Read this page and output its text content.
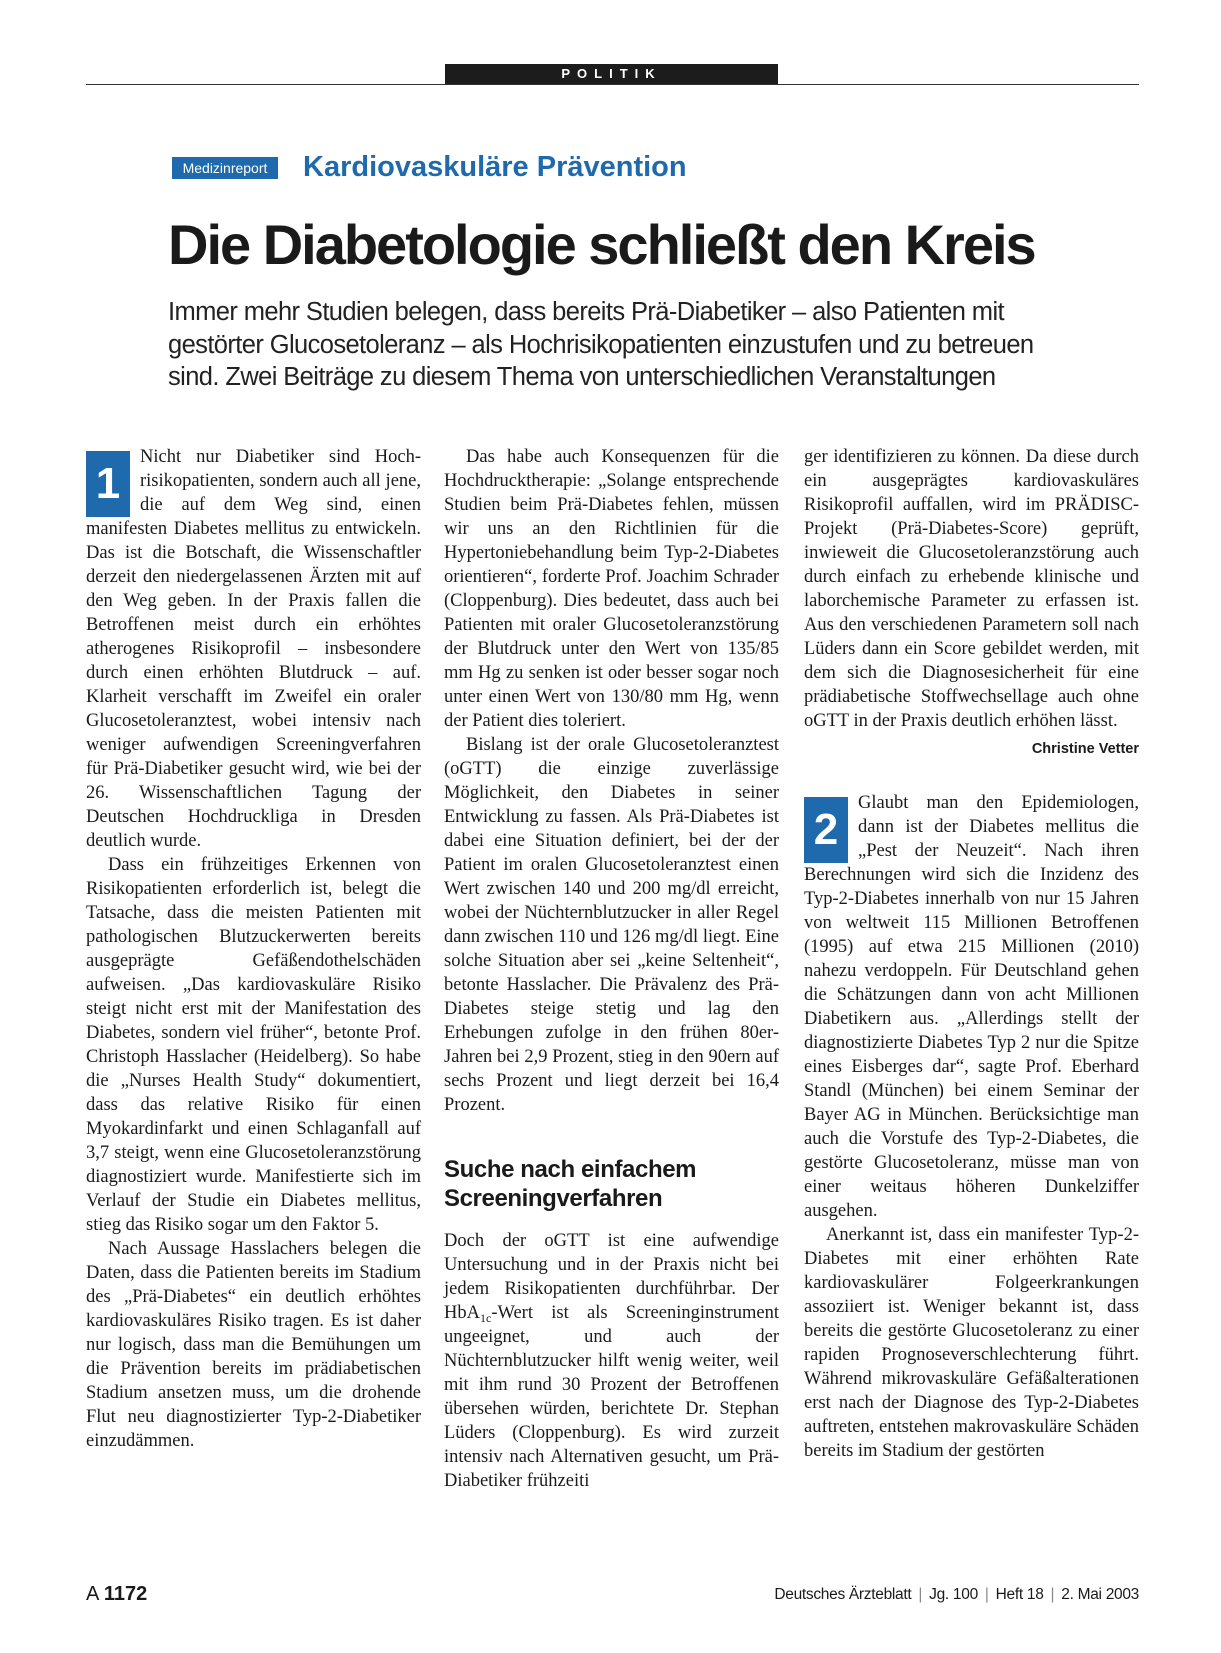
POLITIK
Medizinreport	Kardiovaskuläre Prävention
Die Diabetologie schließt den Kreis
Immer mehr Studien belegen, dass bereits Prä-Diabetiker – also Patienten mit gestörter Glucosetoleranz – als Hochrisikopatienten einzustufen und zu betreuen sind. Zwei Beiträge zu diesem Thema von unterschiedlichen Veranstaltungen
1

Nicht nur Diabetiker sind Hochrisikopatienten, sondern auch all jene, die auf dem Weg sind, einen manifesten Diabetes mellitus zu entwickeln. Das ist die Botschaft, die Wissenschaftler derzeit den niedergelassenen Ärzten mit auf den Weg geben. In der Praxis fallen die Betroffenen meist durch ein erhöhtes atherogenes Risikoprofil – insbesondere durch einen erhöhten Blutdruck – auf. Klarheit verschafft im Zweifel ein oraler Glucosetoleranztest, wobei intensiv nach weniger aufwendigen Screeningverfahren für Prä-Diabetiker gesucht wird, wie bei der 26. Wissenschaftlichen Tagung der Deutschen Hochdruckliga in Dresden deutlich wurde.

Dass ein frühzeitiges Erkennen von Risikopatienten erforderlich ist, belegt die Tatsache, dass die meisten Patienten mit pathologischen Blutzuckerwerten bereits ausgeprägte Gefäßendothelschäden aufweisen. „Das kardiovaskuläre Risiko steigt nicht erst mit der Manifestation des Diabetes, sondern viel früher“, betonte Prof. Christoph Hasslacher (Heidelberg). So habe die „Nurses Health Study“ dokumentiert, dass das relative Risiko für einen Myokardinfarkt und einen Schlaganfall auf 3,7 steigt, wenn eine Glucosetoleranzstörung diagnostiziert wurde. Manifestierte sich im Verlauf der Studie ein Diabetes mellitus, stieg das Risiko sogar um den Faktor 5.

Nach Aussage Hasslachers belegen die Daten, dass die Patienten bereits im Stadium des „Prä-Diabetes“ ein deutlich erhöhtes kardiovaskuläres Risiko tragen. Es ist daher nur logisch, dass man die Bemühungen um die Prävention bereits im prädiabetischen Stadium ansetzen muss, um die drohende Flut neu diagnostizierter Typ-2-Diabetiker einzudämmen.

Das habe auch Konsequenzen für die Hochdrucktherapie: „Solange entsprechende Studien beim Prä-Diabetes fehlen, müssen wir uns an den Richtlinien für die Hypertoniebehandlung beim Typ-2-Diabetes orientieren“, forderte Prof. Joachim Schrader (Cloppenburg). Dies bedeutet, dass auch bei Patienten mit oraler Glucosetoleranzstörung der Blutdruck unter den Wert von 135/85 mm Hg zu senken ist oder besser sogar noch unter einen Wert von 130/80 mm Hg, wenn der Patient dies toleriert.

Bislang ist der orale Glucosetoleranztest (oGTT) die einzige zuverlässige Möglichkeit, den Diabetes in seiner Entwicklung zu fassen. Als Prä-Diabetes ist dabei eine Situation definiert, bei der der Patient im oralen Glucosetoleranztest einen Wert zwischen 140 und 200 mg/dl erreicht, wobei der Nüchternblutzucker in aller Regel dann zwischen 110 und 126 mg/dl liegt. Eine solche Situation aber sei „keine Seltenheit“, betonte Hasslacher. Die Prävalenz des Prä-Diabetes steige stetig und lag den Erhebungen zufolge in den frühen 80er-Jahren bei 2,9 Prozent, stieg in den 90ern auf sechs Prozent und liegt derzeit bei 16,4 Prozent.

Suche nach einfachem Screeningverfahren

Doch der oGTT ist eine aufwendige Untersuchung und in der Praxis nicht bei jedem Risikopatienten durchführbar. Der HbA$_{1c}$-Wert ist als Screeninginstrument ungeeignet, und auch der Nüchternblutzucker hilft wenig weiter, weil mit ihm rund 30 Prozent der Betroffenen übersehen würden, berichtete Dr. Stephan Lüders (Cloppenburg). Es wird zurzeit intensiv nach Alternativen gesucht, um Prä-Diabetiker frühzeiti

ger identifizieren zu können. Da diese durch ein ausgeprägtes kardiovaskuläres Risikoprofil auffallen, wird im PRÄDISC-Projekt (Prä-Diabetes-Score) geprüft, inwieweit die Glucosetoleranzstörung auch durch einfach zu erhebende klinische und laborchemische Parameter zu erfassen ist. Aus den verschiedenen Parametern soll nach Lüders dann ein Score gebildet werden, mit dem sich die Diagnosesicherheit für eine prädiabetische Stoffwechsellage auch ohne oGTT in der Praxis deutlich erhöhen lässt.
Christine Vetter

2

Glaubt man den Epidemiologen, dann ist der Diabetes mellitus die „Pest der Neuzeit“. Nach ihren Berechnungen wird sich die Inzidenz des Typ-2-Diabetes innerhalb von nur 15 Jahren von weltweit 115 Millionen Betroffenen (1995) auf etwa 215 Millionen (2010) nahezu verdoppeln. Für Deutschland gehen die Schätzungen dann von acht Millionen Diabetikern aus. „Allerdings stellt der diagnostizierte Diabetes Typ 2 nur die Spitze eines Eisberges dar“, sagte Prof. Eberhard Standl (München) bei einem Seminar der Bayer AG in München. Berücksichtige man auch die Vorstufe des Typ-2-Diabetes, die gestörte Glucosetoleranz, müsse man von einer weitaus höheren Dunkelziffer ausgehen.

Anerkannt ist, dass ein manifester Typ-2-Diabetes mit einer erhöhten Rate kardiovaskulärer Folgeerkrankungen assoziiert ist. Weniger bekannt ist, dass bereits die gestörte Glucosetoleranz zu einer rapiden Prognoseverschlechterung führt. Während mikrovaskuläre Gefäßalterationen erst nach der Diagnose des Typ-2-Diabetes auftreten, entstehen makrovaskuläre Schäden bereits im Stadium der gestörten

A 1172	Deutsches Ärzteblatt | Jg. 100 | Heft 18 | 2. Mai 2003
